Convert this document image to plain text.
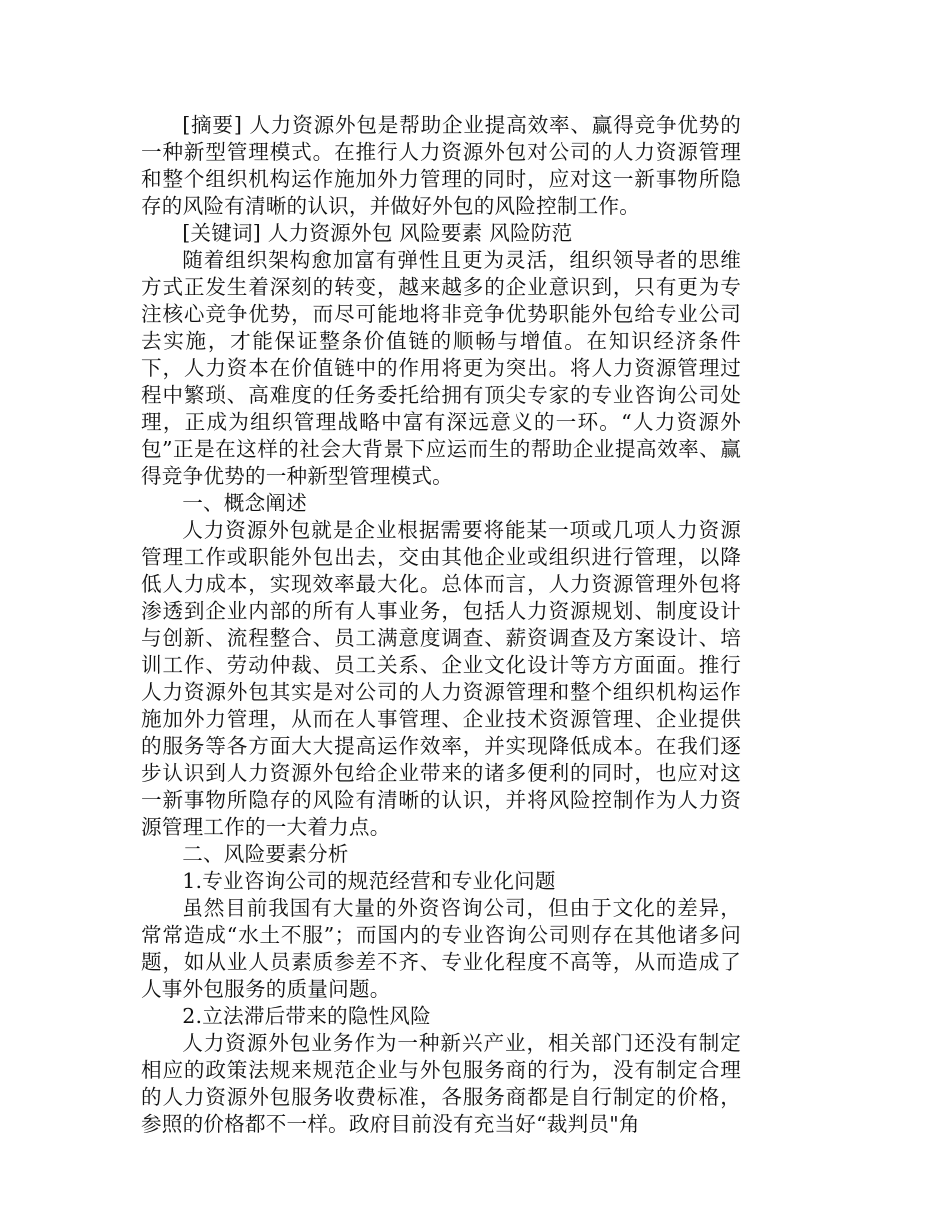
[摘要] 人力资源外包是帮助企业提高效率、赢得竞争优势的一种新型管理模式。在推行人力资源外包对公司的人力资源管理和整个组织机构运作施加外力管理的同时，应对这一新事物所隐存的风险有清晰的认识，并做好外包的风险控制工作。

[关键词] 人力资源外包 风险要素 风险防范

随着组织架构愈加富有弹性且更为灵活，组织领导者的思维方式正发生着深刻的转变，越来越多的企业意识到，只有更为专注核心竞争优势，而尽可能地将非竞争优势职能外包给专业公司去实施，才能保证整条价值链的顺畅与增值。在知识经济条件下，人力资本在价值链中的作用将更为突出。将人力资源管理过程中繁琐、高难度的任务委托给拥有顶尖专家的专业咨询公司处理，正成为组织管理战略中富有深远意义的一环。“人力资源外包”正是在这样的社会大背景下应运而生的帮助企业提高效率、赢得竞争优势的一种新型管理模式。

一、概念阐述

人力资源外包就是企业根据需要将能某一项或几项人力资源管理工作或职能外包出去，交由其他企业或组织进行管理，以降低人力成本，实现效率最大化。总体而言，人力资源管理外包将渗透到企业内部的所有人事业务，包括人力资源规划、制度设计与创新、流程整合、员工满意度调查、薪资调查及方案设计、培训工作、劳动仲裁、员工关系、企业文化设计等方方面面。推行人力资源外包其实是对公司的人力资源管理和整个组织机构运作施加外力管理，从而在人事管理、企业技术资源管理、企业提供的服务等各方面大大提高运作效率，并实现降低成本。在我们逐步认识到人力资源外包给企业带来的诸多便利的同时，也应对这一新事物所隐存的风险有清晰的认识，并将风险控制作为人力资源管理工作的一大着力点。

二、风险要素分析

1.专业咨询公司的规范经营和专业化问题

虽然目前我国有大量的外资咨询公司，但由于文化的差异，常常造成“水土不服”；而国内的专业咨询公司则存在其他诸多问题，如从业人员素质参差不齐、专业化程度不高等，从而造成了人事外包服务的质量问题。

2.立法滞后带来的隐性风险

人力资源外包业务作为一种新兴产业，相关部门还没有制定相应的政策法规来规范企业与外包服务商的行为，没有制定合理的人力资源外包服务收费标准，各服务商都是自行制定的价格，参照的价格都不一样。政府目前没有充当好“裁判员"角
